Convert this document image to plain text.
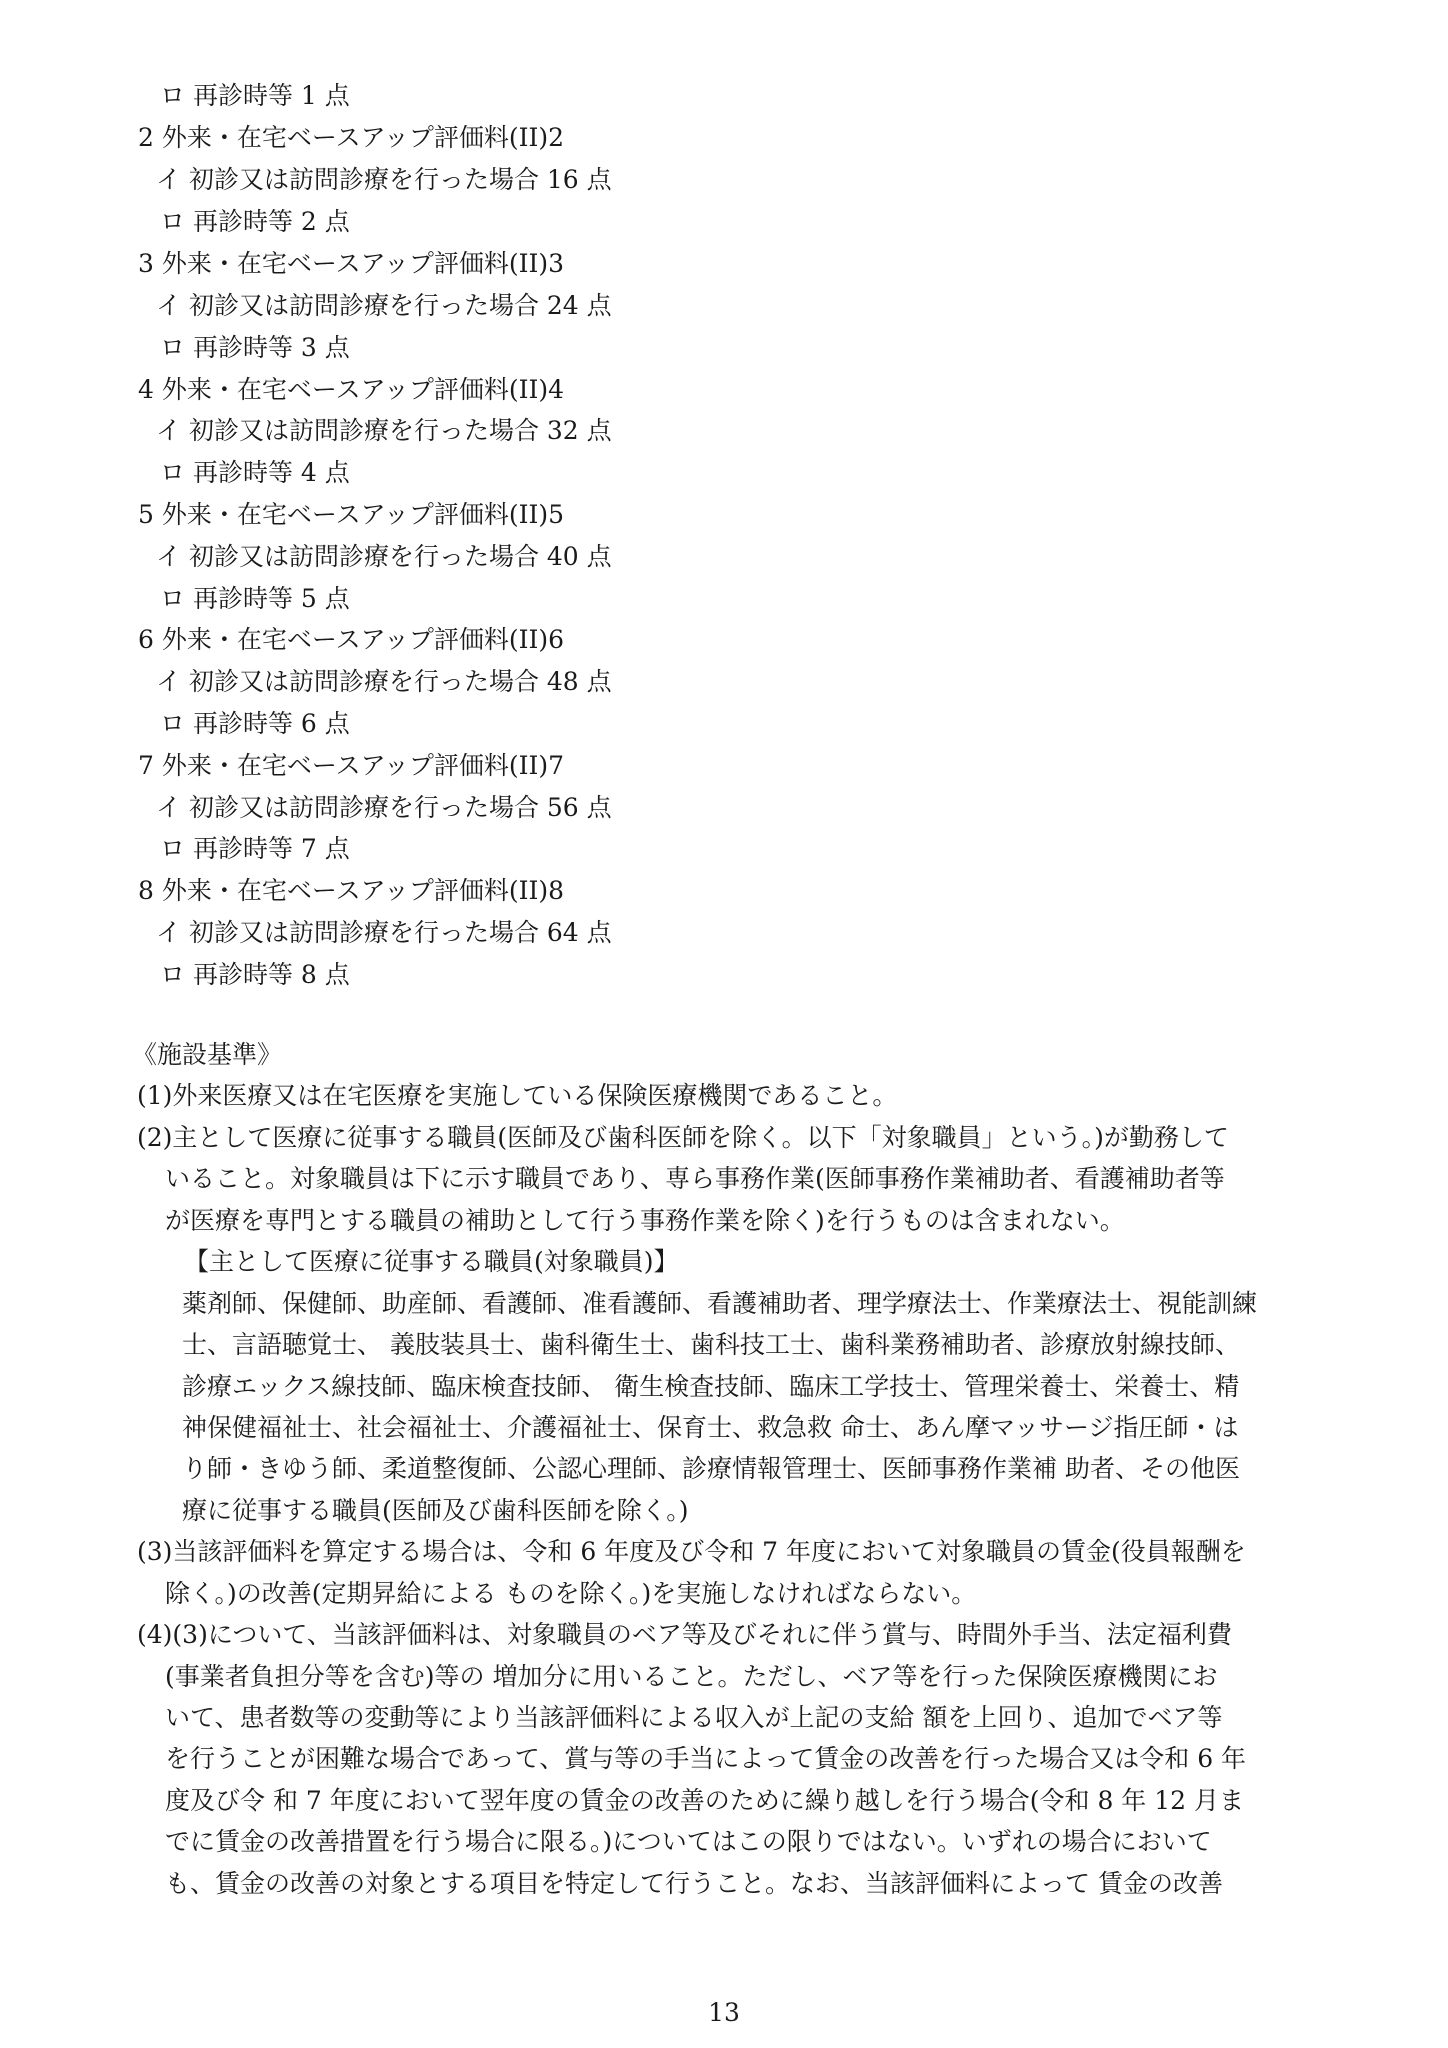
ロ 再診時等 1 点
2 外来・在宅ベースアップ評価料(II)2
イ 初診又は訪問診療を行った場合 16 点
ロ 再診時等 2 点
3 外来・在宅ベースアップ評価料(II)3
イ 初診又は訪問診療を行った場合 24 点
ロ 再診時等 3 点
4 外来・在宅ベースアップ評価料(II)4
イ 初診又は訪問診療を行った場合 32 点
ロ 再診時等 4 点
5 外来・在宅ベースアップ評価料(II)5
イ 初診又は訪問診療を行った場合 40 点
ロ 再診時等 5 点
6 外来・在宅ベースアップ評価料(II)6
イ 初診又は訪問診療を行った場合 48 点
ロ 再診時等 6 点
7 外来・在宅ベースアップ評価料(II)7
イ 初診又は訪問診療を行った場合 56 点
ロ 再診時等 7 点
8 外来・在宅ベースアップ評価料(II)8
イ 初診又は訪問診療を行った場合 64 点
ロ 再診時等 8 点
《施設基準》
(1)外来医療又は在宅医療を実施している保険医療機関であること。
(2)主として医療に従事する職員(医師及び歯科医師を除く。以下「対象職員」という。)が勤務して
いること。対象職員は下に示す職員であり、専ら事務作業(医師事務作業補助者、看護補助者等
が医療を専門とする職員の補助として行う事務作業を除く)を行うものは含まれない。
【主として医療に従事する職員(対象職員)】
薬剤師、保健師、助産師、看護師、准看護師、看護補助者、理学療法士、作業療法士、視能訓練
士、言語聴覚士、 義肢装具士、歯科衛生士、歯科技工士、歯科業務補助者、診療放射線技師、
診療エックス線技師、臨床検査技師、 衛生検査技師、臨床工学技士、管理栄養士、栄養士、精
神保健福祉士、社会福祉士、介護福祉士、保育士、救急救 命士、あん摩マッサージ指圧師・は
り師・きゆう師、柔道整復師、公認心理師、診療情報管理士、医師事務作業補 助者、その他医
療に従事する職員(医師及び歯科医師を除く。)
(3)当該評価料を算定する場合は、令和 6 年度及び令和 7 年度において対象職員の賃金(役員報酬を
除く。)の改善(定期昇給による ものを除く。)を実施しなければならない。
(4)(3)について、当該評価料は、対象職員のベア等及びそれに伴う賞与、時間外手当、法定福利費
(事業者負担分等を含む)等の 増加分に用いること。ただし、ベア等を行った保険医療機関にお
いて、患者数等の変動等により当該評価料による収入が上記の支給 額を上回り、追加でベア等
を行うことが困難な場合であって、賞与等の手当によって賃金の改善を行った場合又は令和 6 年
度及び令 和 7 年度において翌年度の賃金の改善のために繰り越しを行う場合(令和 8 年 12 月ま
でに賃金の改善措置を行う場合に限る。)についてはこの限りではない。いずれの場合において
も、賃金の改善の対象とする項目を特定して行うこと。なお、当該評価料によって 賃金の改善
13
